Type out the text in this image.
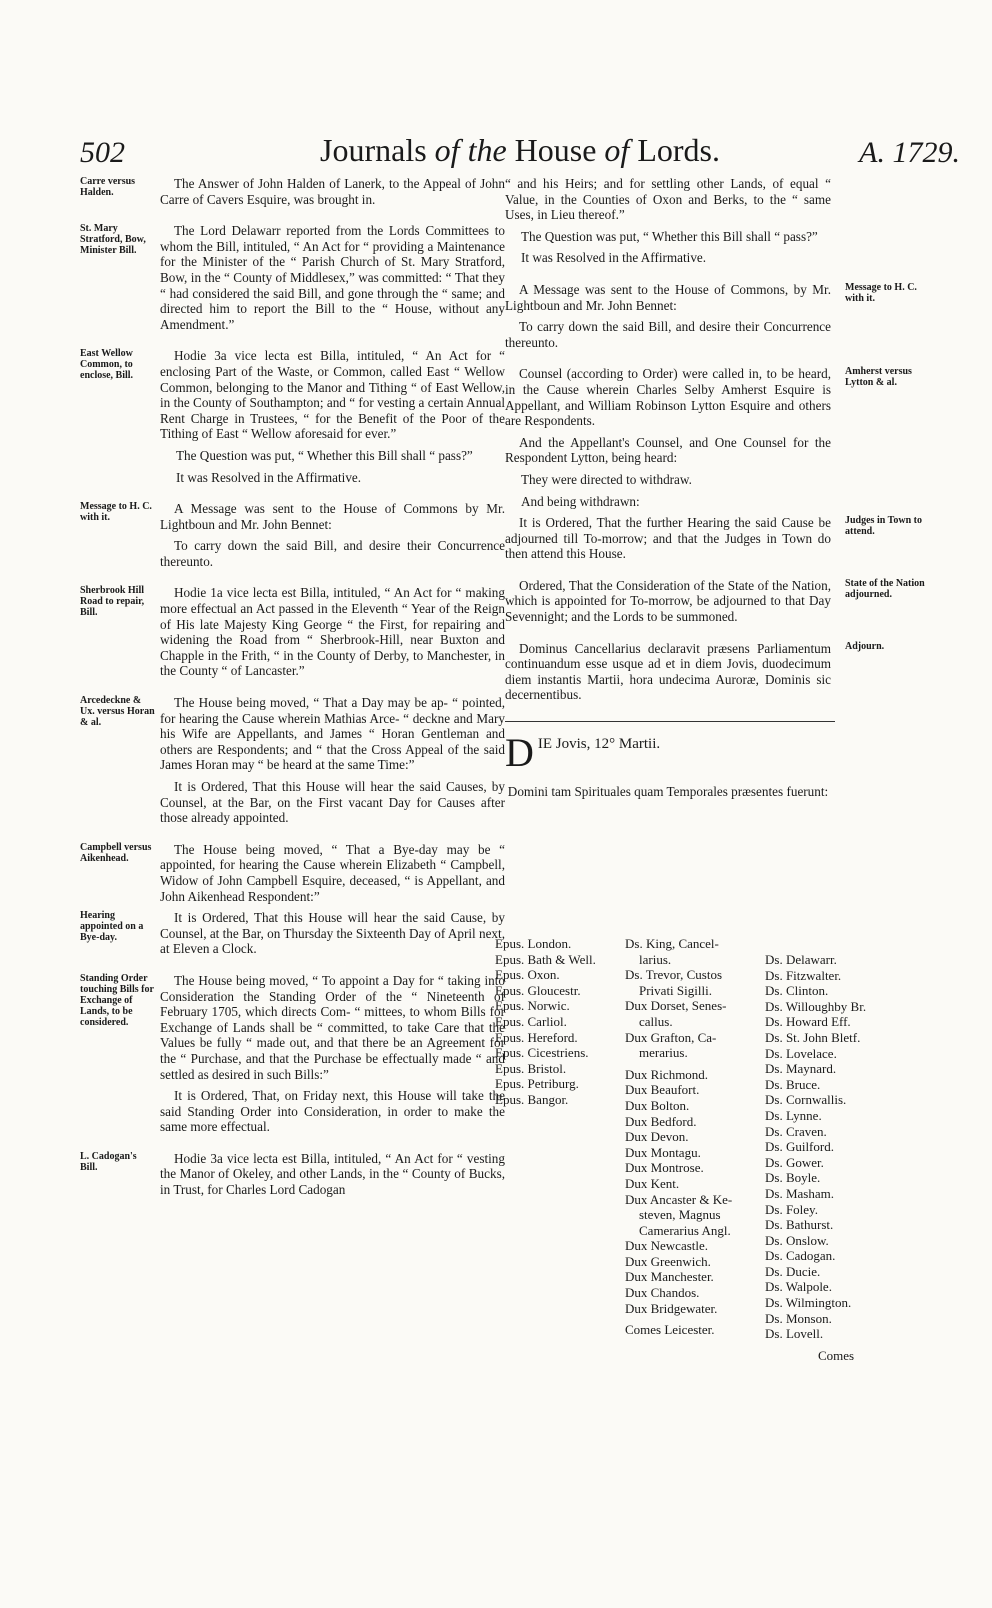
502	Journals of the House of Lords.	A. 1729.
Carre versus Halden.

The Answer of John Halden of Lanerk, to the Appeal of John Carre of Cavers Esquire, was brought in.

St. Mary Stratford, Bow, Minister Bill.

The Lord Delawarr reported from the Lords Committees to whom the Bill, intituled, “ An Act for “ providing a Maintenance for the Minister of the “ Parish Church of St. Mary Stratford, Bow, in the “ County of Middlesex,” was committed: “ That they “ had considered the said Bill, and gone through the “ same; and directed him to report the Bill to the “ House, without any Amendment.”

East Wellow Common, to enclose, Bill.

Hodie 3a vice lecta est Billa, intituled, “ An Act for “ enclosing Part of the Waste, or Common, called East “ Wellow Common, belonging to the Manor and Tithing “ of East Wellow, in the County of Southampton; and “ for vesting a certain Annual Rent Charge in Trustees, “ for the Benefit of the Poor of the Tithing of East “ Wellow aforesaid for ever.”

The Question was put, “ Whether this Bill shall “ pass?”

It was Resolved in the Affirmative.

Message to H. C. with it.

A Message was sent to the House of Commons by Mr. Lightboun and Mr. John Bennet:

To carry down the said Bill, and desire their Concurrence thereunto.

Sherbrook Hill Road to repair, Bill.

Hodie 1a vice lecta est Billa, intituled, “ An Act for “ making more effectual an Act passed in the Eleventh “ Year of the Reign of His late Majesty King George “ the First, for repairing and widening the Road from “ Sherbrook-Hill, near Buxton and Chapple in the Frith, “ in the County of Derby, to Manchester, in the County “ of Lancaster.”

Arcedeckne & Ux. versus Horan & al.

The House being moved, “ That a Day may be ap- “ pointed, for hearing the Cause wherein Mathias Arce- “ deckne and Mary his Wife are Appellants, and James “ Horan Gentleman and others are Respondents; and “ that the Cross Appeal of the said James Horan may “ be heard at the same Time:”

It is Ordered, That this House will hear the said Causes, by Counsel, at the Bar, on the First vacant Day for Causes after those already appointed.

Campbell versus Aikenhead.

The House being moved, “ That a Bye-day may be “ appointed, for hearing the Cause wherein Elizabeth “ Campbell, Widow of John Campbell Esquire, deceased, “ is Appellant, and John Aikenhead Respondent:”

Hearing appointed on a Bye-day.

It is Ordered, That this House will hear the said Cause, by Counsel, at the Bar, on Thursday the Sixteenth Day of April next, at Eleven a Clock.

Standing Order touching Bills for Exchange of Lands, to be considered.

The House being moved, “ To appoint a Day for “ taking into Consideration the Standing Order of the “ Nineteenth of February 1705, which directs Com- “ mittees, to whom Bills for Exchange of Lands shall be “ committed, to take Care that the Values be fully “ made out, and that there be an Agreement for the “ Purchase, and that the Purchase be effectually made “ and settled as desired in such Bills:”

It is Ordered, That, on Friday next, this House will take the said Standing Order into Consideration, in order to make the same more effectual.

L. Cadogan's Bill.

Hodie 3a vice lecta est Billa, intituled, “ An Act for “ vesting the Manor of Okeley, and other Lands, in the “ County of Bucks, in Trust, for Charles Lord Cadogan

“ and his Heirs; and for settling other Lands, of equal “ Value, in the Counties of Oxon and Berks, to the “ same Uses, in Lieu thereof.”

The Question was put, “ Whether this Bill shall “ pass?”

It was Resolved in the Affirmative.

Message to H. C. with it.

A Message was sent to the House of Commons, by Mr. Lightboun and Mr. John Bennet:

To carry down the said Bill, and desire their Concurrence thereunto.

Amherst versus Lytton & al.

Counsel (according to Order) were called in, to be heard, in the Cause wherein Charles Selby Amherst Esquire is Appellant, and William Robinson Lytton Esquire and others are Respondents.

And the Appellant's Counsel, and One Counsel for the Respondent Lytton, being heard:

They were directed to withdraw.

And being withdrawn:

Judges in Town to attend.

It is Ordered, That the further Hearing the said Cause be adjourned till To-morrow; and that the Judges in Town do then attend this House.

State of the Nation adjourned.

Ordered, That the Consideration of the State of the Nation, which is appointed for To-morrow, be adjourned to that Day Sevennight; and the Lords to be summoned.

Adjourn.

Dominus Cancellarius declaravit præsens Parliamentum continuandum esse usque ad et in diem Jovis, duodecimum diem instantis Martii, hora undecima Auroræ, Dominis sic decernentibus.

D IE Jovis, 12° Martii.

Domini tam Spirituales quam Temporales præsentes fuerunt:

Epus. London.
Epus. Bath & Well.
Epus. Oxon.
Epus. Gloucestr.
Epus. Norwic.
Epus. Carliol.
Epus. Hereford.
Epus. Cicestriens.
Epus. Bristol.
Epus. Petriburg.
Epus. Bangor.
Ds. King, Cancel-
larius.
Ds. Trevor, Custos
Privati Sigilli.
Dux Dorset, Senes-
callus.
Dux Grafton, Ca-
merarius.
Dux Richmond.
Dux Beaufort.
Dux Bolton.
Dux Bedford.
Dux Devon.
Dux Montagu.
Dux Montrose.
Dux Kent.
Dux Ancaster & Ke-
steven, Magnus
Camerarius Angl.
Dux Newcastle.
Dux Greenwich.
Dux Manchester.
Dux Chandos.
Dux Bridgewater.
Comes Leicester.
Ds. Delawarr.
Ds. Fitzwalter.
Ds. Clinton.
Ds. Willoughby Br.
Ds. Howard Eff.
Ds. St. John Bletf.
Ds. Lovelace.
Ds. Maynard.
Ds. Bruce.
Ds. Cornwallis.
Ds. Lynne.
Ds. Craven.
Ds. Guilford.
Ds. Gower.
Ds. Boyle.
Ds. Masham.
Ds. Foley.
Ds. Bathurst.
Ds. Onslow.
Ds. Cadogan.
Ds. Ducie.
Ds. Walpole.
Ds. Wilmington.
Ds. Monson.
Ds. Lovell.
Comes
